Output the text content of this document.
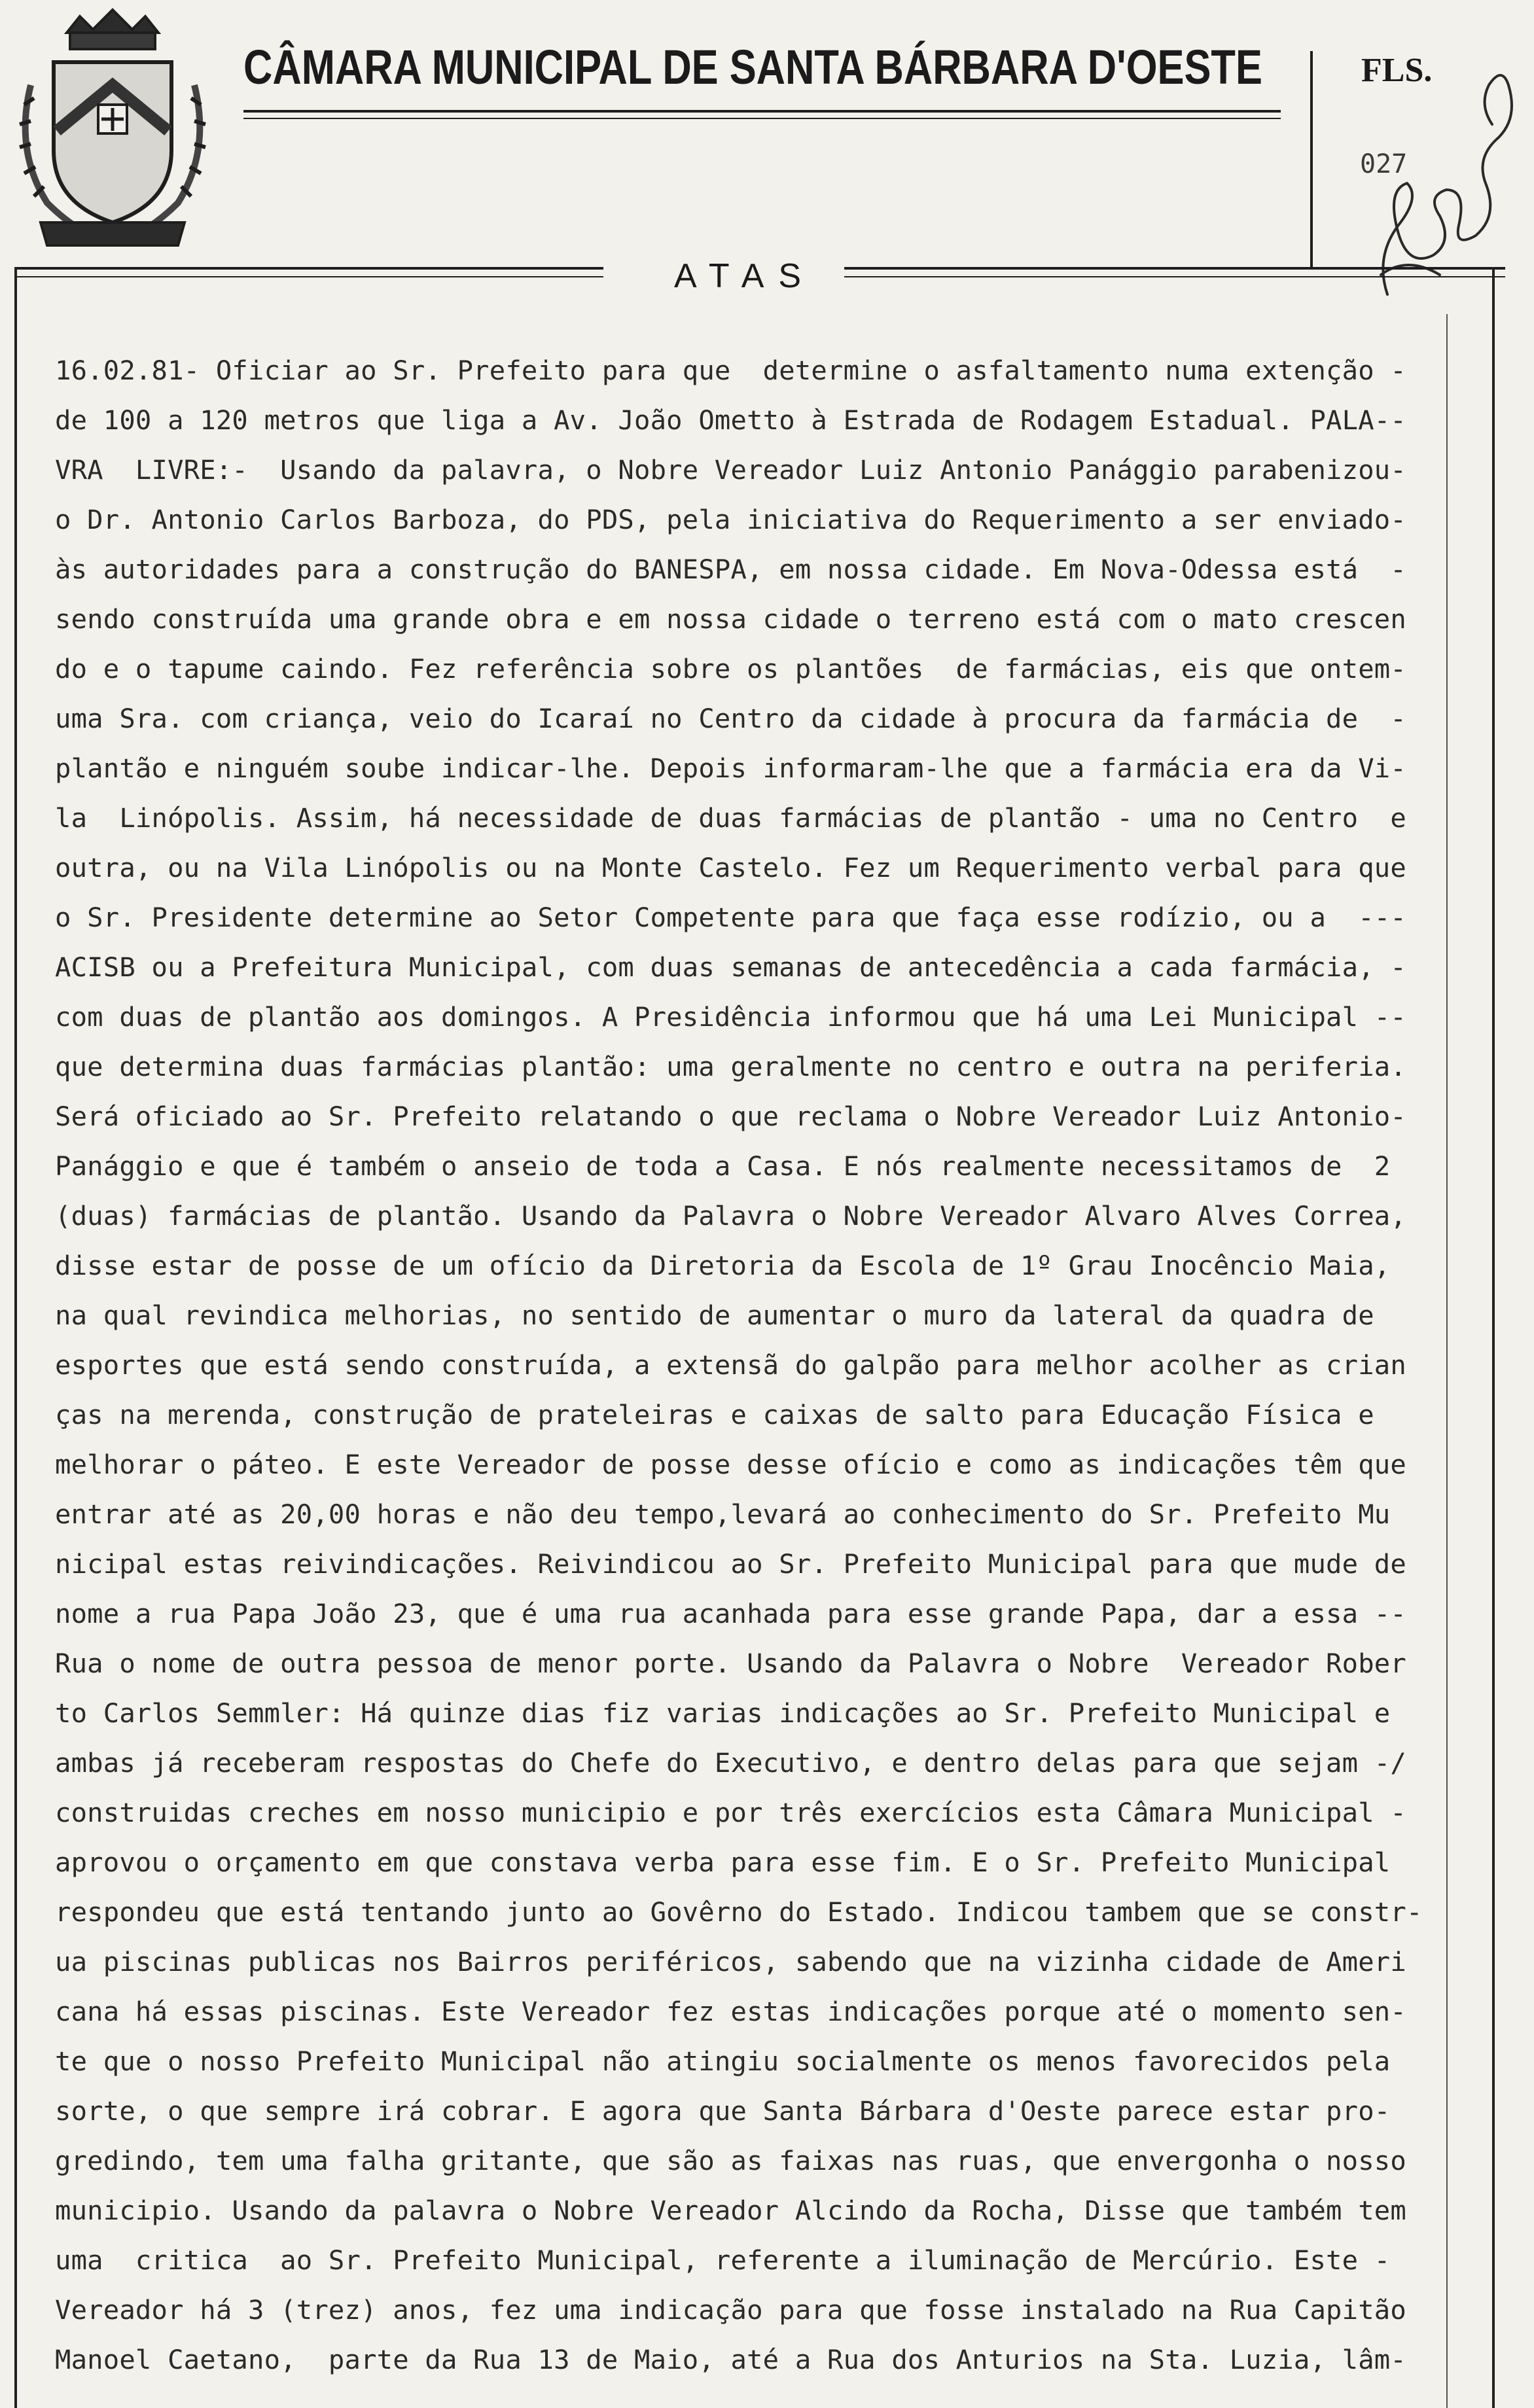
CÂMARA MUNICIPAL DE SANTA BÁRBARA D'OESTE	FLS.
027
ATAS
16.02.81- Oficiar ao Sr. Prefeito para que  determine o asfaltamento numa extenção -
de 100 a 120 metros que liga a Av. João Ometto à Estrada de Rodagem Estadual. PALA--
VRA  LIVRE:-  Usando da palavra, o Nobre Vereador Luiz Antonio Panággio parabenizou-
o Dr. Antonio Carlos Barboza, do PDS, pela iniciativa do Requerimento a ser enviado-
às autoridades para a construção do BANESPA, em nossa cidade. Em Nova-Odessa está  -
sendo construída uma grande obra e em nossa cidade o terreno está com o mato crescen
do e o tapume caindo. Fez referência sobre os plantões  de farmácias, eis que ontem-
uma Sra. com criança, veio do Icaraí no Centro da cidade à procura da farmácia de  -
plantão e ninguém soube indicar-lhe. Depois informaram-lhe que a farmácia era da Vi-
la  Linópolis. Assim, há necessidade de duas farmácias de plantão - uma no Centro  e
outra, ou na Vila Linópolis ou na Monte Castelo. Fez um Requerimento verbal para que
o Sr. Presidente determine ao Setor Competente para que faça esse rodízio, ou a  ---
ACISB ou a Prefeitura Municipal, com duas semanas de antecedência a cada farmácia, -
com duas de plantão aos domingos. A Presidência informou que há uma Lei Municipal --
que determina duas farmácias plantão: uma geralmente no centro e outra na periferia.
Será oficiado ao Sr. Prefeito relatando o que reclama o Nobre Vereador Luiz Antonio-
Panággio e que é também o anseio de toda a Casa. E nós realmente necessitamos de  2
(duas) farmácias de plantão. Usando da Palavra o Nobre Vereador Alvaro Alves Correa,
disse estar de posse de um ofício da Diretoria da Escola de 1º Grau Inocêncio Maia,
na qual revindica melhorias, no sentido de aumentar o muro da lateral da quadra de
esportes que está sendo construída, a extensã do galpão para melhor acolher as crian
ças na merenda, construção de prateleiras e caixas de salto para Educação Física e
melhorar o páteo. E este Vereador de posse desse ofício e como as indicações têm que
entrar até as 20,00 horas e não deu tempo,levará ao conhecimento do Sr. Prefeito Mu
nicipal estas reivindicações. Reivindicou ao Sr. Prefeito Municipal para que mude de
nome a rua Papa João 23, que é uma rua acanhada para esse grande Papa, dar a essa --
Rua o nome de outra pessoa de menor porte. Usando da Palavra o Nobre  Vereador Rober
to Carlos Semmler: Há quinze dias fiz varias indicações ao Sr. Prefeito Municipal e
ambas já receberam respostas do Chefe do Executivo, e dentro delas para que sejam -/
construidas creches em nosso municipio e por três exercícios esta Câmara Municipal -
aprovou o orçamento em que constava verba para esse fim. E o Sr. Prefeito Municipal
respondeu que está tentando junto ao Govêrno do Estado. Indicou tambem que se constr-
ua piscinas publicas nos Bairros periféricos, sabendo que na vizinha cidade de Ameri
cana há essas piscinas. Este Vereador fez estas indicações porque até o momento sen-
te que o nosso Prefeito Municipal não atingiu socialmente os menos favorecidos pela
sorte, o que sempre irá cobrar. E agora que Santa Bárbara d'Oeste parece estar pro-
gredindo, tem uma falha gritante, que são as faixas nas ruas, que envergonha o nosso
municipio. Usando da palavra o Nobre Vereador Alcindo da Rocha, Disse que também tem
uma  critica  ao Sr. Prefeito Municipal, referente a iluminação de Mercúrio. Este -
Vereador há 3 (trez) anos, fez uma indicação para que fosse instalado na Rua Capitão
Manoel Caetano,  parte da Rua 13 de Maio, até a Rua dos Anturios na Sta. Luzia, lâm-
